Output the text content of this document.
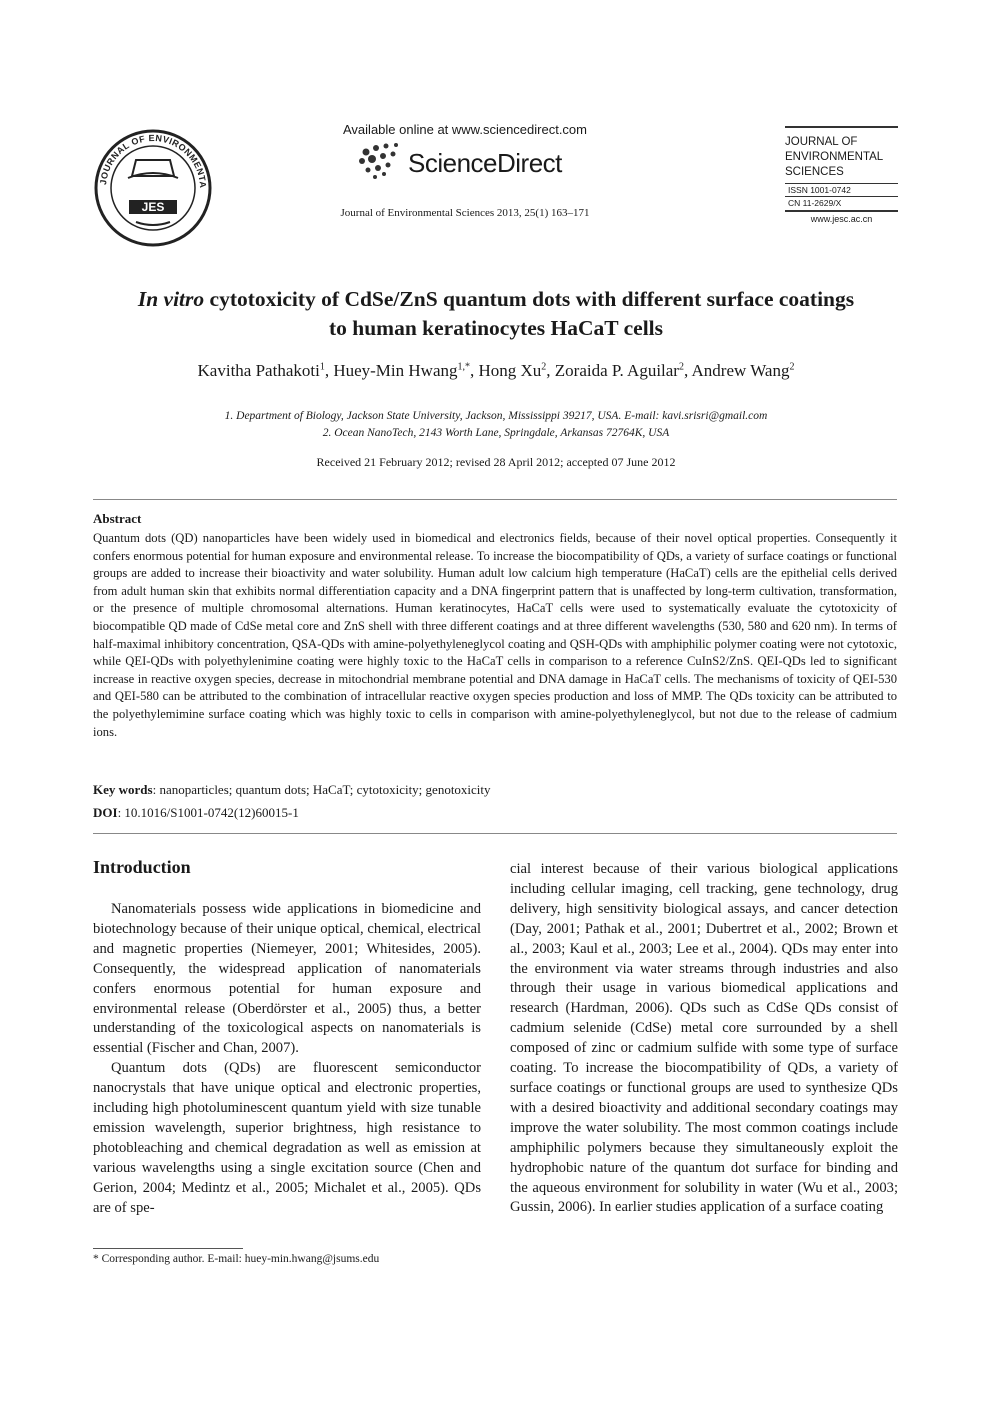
JOURNAL OF ENVIRONMENTA
JES
Available online at www.sciencedirect.com
ScienceDirect
Journal of Environmental Sciences 2013, 25(1) 163–171
JOURNAL OF
ENVIRONMENTAL
SCIENCES
ISSN 1001-0742
CN 11-2629/X
www.jesc.ac.cn
In vitro cytotoxicity of CdSe/ZnS quantum dots with different surface coatings
to human keratinocytes HaCaT cells
Kavitha Pathakoti$^1$, Huey-Min Hwang$^{1,*}$, Hong Xu$^2$, Zoraida P. Aguilar$^2$, Andrew Wang$^2$
1. Department of Biology, Jackson State University, Jackson, Mississippi 39217, USA. E-mail: kavi.srisri@gmail.com
2. Ocean NanoTech, 2143 Worth Lane, Springdale, Arkansas 72764K, USA
Received 21 February 2012; revised 28 April 2012; accepted 07 June 2012
Abstract
Quantum dots (QD) nanoparticles have been widely used in biomedical and electronics fields, because of their novel optical properties. Consequently it confers enormous potential for human exposure and environmental release. To increase the biocompatibility of QDs, a variety of surface coatings or functional groups are added to increase their bioactivity and water solubility. Human adult low calcium high temperature (HaCaT) cells are the epithelial cells derived from adult human skin that exhibits normal differentiation capacity and a DNA fingerprint pattern that is unaffected by long-term cultivation, transformation, or the presence of multiple chromosomal alternations. Human keratinocytes, HaCaT cells were used to systematically evaluate the cytotoxicity of biocompatible QD made of CdSe metal core and ZnS shell with three different coatings and at three different wavelengths (530, 580 and 620 nm). In terms of half-maximal inhibitory concentration, QSA-QDs with amine-polyethyleneglycol coating and QSH-QDs with amphiphilic polymer coating were not cytotoxic, while QEI-QDs with polyethylenimine coating were highly toxic to the HaCaT cells in comparison to a reference CuInS2/ZnS. QEI-QDs led to significant increase in reactive oxygen species, decrease in mitochondrial membrane potential and DNA damage in HaCaT cells. The mechanisms of toxicity of QEI-530 and QEI-580 can be attributed to the combination of intracellular reactive oxygen species production and loss of MMP. The QDs toxicity can be attributed to the polyethylemimine surface coating which was highly toxic to cells in comparison with amine-polyethyleneglycol, but not due to the release of cadmium ions.
Key words: nanoparticles; quantum dots; HaCaT; cytotoxicity; genotoxicity
DOI: 10.1016/S1001-0742(12)60015-1
Introduction

Nanomaterials possess wide applications in biomedicine and biotechnology because of their unique optical, chemical, electrical and magnetic properties (Niemeyer, 2001; Whitesides, 2005). Consequently, the widespread application of nanomaterials confers enormous potential for human exposure and environmental release (Oberdörster et al., 2005) thus, a better understanding of the toxicological aspects on nanomaterials is essential (Fischer and Chan, 2007).

Quantum dots (QDs) are fluorescent semiconductor nanocrystals that have unique optical and electronic properties, including high photoluminescent quantum yield with size tunable emission wavelength, superior brightness, high resistance to photobleaching and chemical degradation as well as emission at various wavelengths using a single excitation source (Chen and Gerion, 2004; Medintz et al., 2005; Michalet et al., 2005). QDs are of spe-

cial interest because of their various biological applications including cellular imaging, cell tracking, gene technology, drug delivery, high sensitivity biological assays, and cancer detection (Day, 2001; Pathak et al., 2001; Dubertret et al., 2002; Brown et al., 2003; Kaul et al., 2003; Lee et al., 2004). QDs may enter into the environment via water streams through industries and also through their usage in various biomedical applications and research (Hardman, 2006). QDs such as CdSe QDs consist of cadmium selenide (CdSe) metal core surrounded by a shell composed of zinc or cadmium sulfide with some type of surface coating. To increase the biocompatibility of QDs, a variety of surface coatings or functional groups are used to synthesize QDs with a desired bioactivity and additional secondary coatings may improve the water solubility. The most common coatings include amphiphilic polymers because they simultaneously exploit the hydrophobic nature of the quantum dot surface for binding and the aqueous environment for solubility in water (Wu et al., 2003; Gussin, 2006). In earlier studies application of a surface coating

* Corresponding author. E-mail: huey-min.hwang@jsums.edu
